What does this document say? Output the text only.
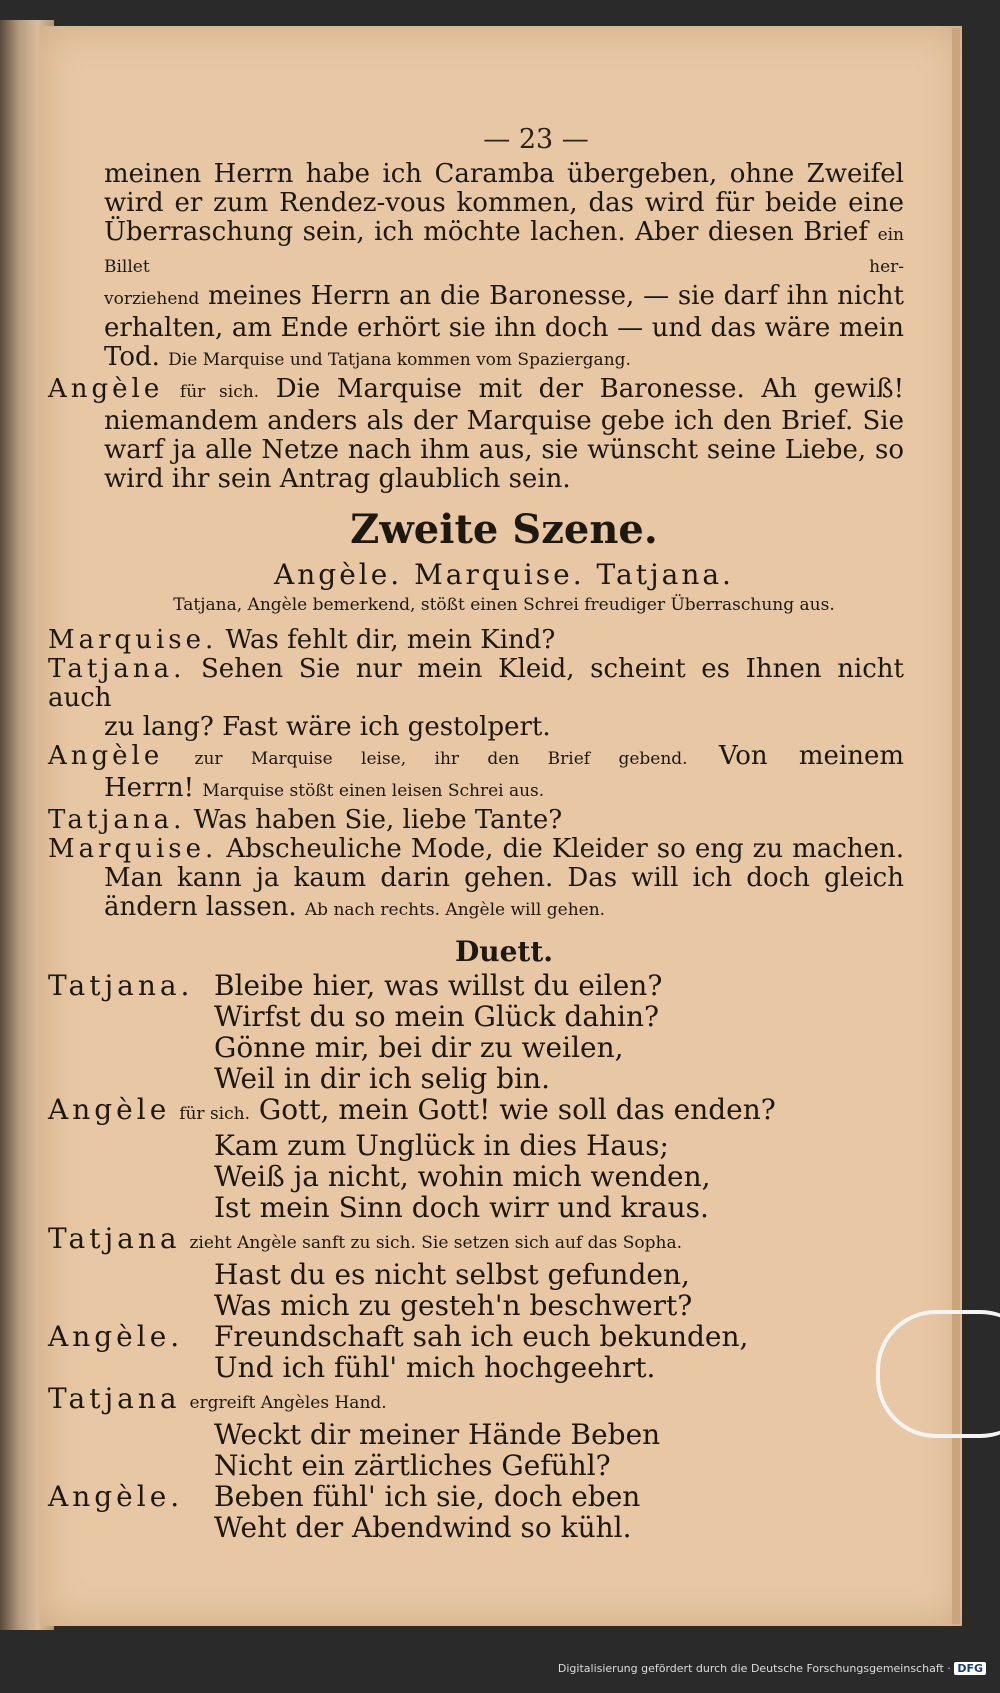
— 23 —
meinen Herrn habe ich Caramba übergeben, ohne Zweifel
wird er zum Rendez-vous kommen, das wird für beide eine
Überraschung sein, ich möchte lachen. Aber diesen Brief ein Billet her-
vorziehend meines Herrn an die Baronesse, — sie darf ihn nicht
erhalten, am Ende erhört sie ihn doch — und das wäre mein
Tod. Die Marquise und Tatjana kommen vom Spaziergang.
Angèle für sich. Die Marquise mit der Baronesse. Ah gewiß!
niemandem anders als der Marquise gebe ich den Brief. Sie
warf ja alle Netze nach ihm aus, sie wünscht seine Liebe, so
wird ihr sein Antrag glaublich sein.
Zweite Szene.
Angèle. Marquise. Tatjana.
Tatjana, Angèle bemerkend, stößt einen Schrei freudiger Überraschung aus.
Marquise. Was fehlt dir, mein Kind?
Tatjana. Sehen Sie nur mein Kleid, scheint es Ihnen nicht auch
zu lang? Fast wäre ich gestolpert.
Angèle zur Marquise leise, ihr den Brief gebend. Von meinem
Herrn! Marquise stößt einen leisen Schrei aus.
Tatjana. Was haben Sie, liebe Tante?
Marquise. Abscheuliche Mode, die Kleider so eng zu machen.
Man kann ja kaum darin gehen. Das will ich doch gleich
ändern lassen. Ab nach rechts. Angèle will gehen.
Duett.
Tatjana. Bleibe hier, was willst du eilen?
Wirfst du so mein Glück dahin?
Gönne mir, bei dir zu weilen,
Weil in dir ich selig bin.
Angèle für sich. Gott, mein Gott! wie soll das enden?
Kam zum Unglück in dies Haus;
Weiß ja nicht, wohin mich wenden,
Ist mein Sinn doch wirr und kraus.
Tatjana zieht Angèle sanft zu sich. Sie setzen sich auf das Sopha.
Hast du es nicht selbst gefunden,
Was mich zu gesteh'n beschwert?
Angèle. Freundschaft sah ich euch bekunden,
Und ich fühl' mich hochgeehrt.
Tatjana ergreift Angèles Hand.
Weckt dir meiner Hände Beben
Nicht ein zärtliches Gefühl?
Angèle. Beben fühl' ich sie, doch eben
Weht der Abendwind so kühl.
Digitalisierung gefördert durch die Deutsche Forschungsgemeinschaft · DFG
